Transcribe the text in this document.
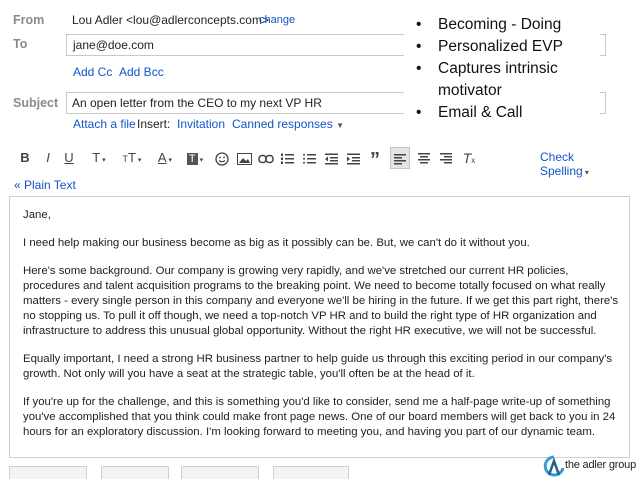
From Lou Adler <lou@adlerconcepts.com>
change
To	jane@doe.com
Add Cc Add Bcc
Subject An open letter from the CEO to my next VP HR
Attach a file Insert: Invitation Canned responses ▼
B	I	U	T ▾	TT ▾	A ▾	T ▾	”	Tx	Check Spelling ▾
« Plain Text
Jane,
I need help making our business become as big as it possibly can be. But, we can't do it without you.
Here's some background. Our company is growing very rapidly, and we've stretched our current HR policies,
procedures and talent acquisition programs to the breaking point. We need to become totally focused on what really
matters - every single person in this company and everyone we'll be hiring in the future. If we get this part right, there's
no stopping us. To pull it off though, we need a top-notch VP HR and to build the right type of HR organization and
infrastructure to address this unusual global opportunity. Without the right HR executive, we will not be successful.
Equally important, I need a strong HR business partner to help guide us through this exciting period in our company's
growth. Not only will you have a seat at the strategic table, you'll often be at the head of it.
If you're up for the challenge, and this is something you'd like to consider, send me a half-page write-up of something
you've accomplished that you think could make front page news. One of our board members will get back to you in 24
hours for an exploratory discussion. I'm looking forward to meeting you, and having you part of our dynamic team.
• Becoming - Doing
• Personalized EVP
• Captures intrinsic
motivator
• Email & Call
the adler group
